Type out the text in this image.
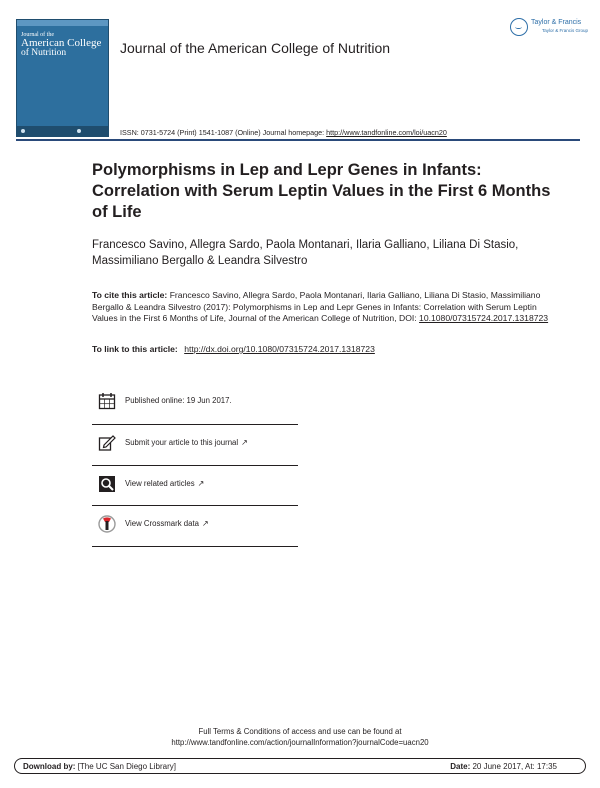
Journal of the
American College
of Nutrition	Journal of the American College of Nutrition
Taylor & Francis
Taylor & Francis Group
ISSN: 0731-5724 (Print) 1541-1087 (Online) Journal homepage: http://www.tandfonline.com/loi/uacn20
Polymorphisms in Lep and Lepr Genes in Infants: Correlation with Serum Leptin Values in the First 6 Months of Life
Francesco Savino, Allegra Sardo, Paola Montanari, Ilaria Galliano, Liliana Di Stasio, Massimiliano Bergallo & Leandra Silvestro
To cite this article: Francesco Savino, Allegra Sardo, Paola Montanari, Ilaria Galliano, Liliana Di Stasio, Massimiliano Bergallo & Leandra Silvestro (2017): Polymorphisms in Lep and Lepr Genes in Infants: Correlation with Serum Leptin Values in the First 6 Months of Life, Journal of the American College of Nutrition, DOI: 10.1080/07315724.2017.1318723
To link to this article: http://dx.doi.org/10.1080/07315724.2017.1318723
Published online: 19 Jun 2017.
Submit your article to this journal ↗︎
View related articles ↗︎
View Crossmark data ↗︎
Full Terms & Conditions of access and use can be found at
http://www.tandfonline.com/action/journalInformation?journalCode=uacn20
Download by: [The UC San Diego Library]	Date: 20 June 2017, At: 17:35
